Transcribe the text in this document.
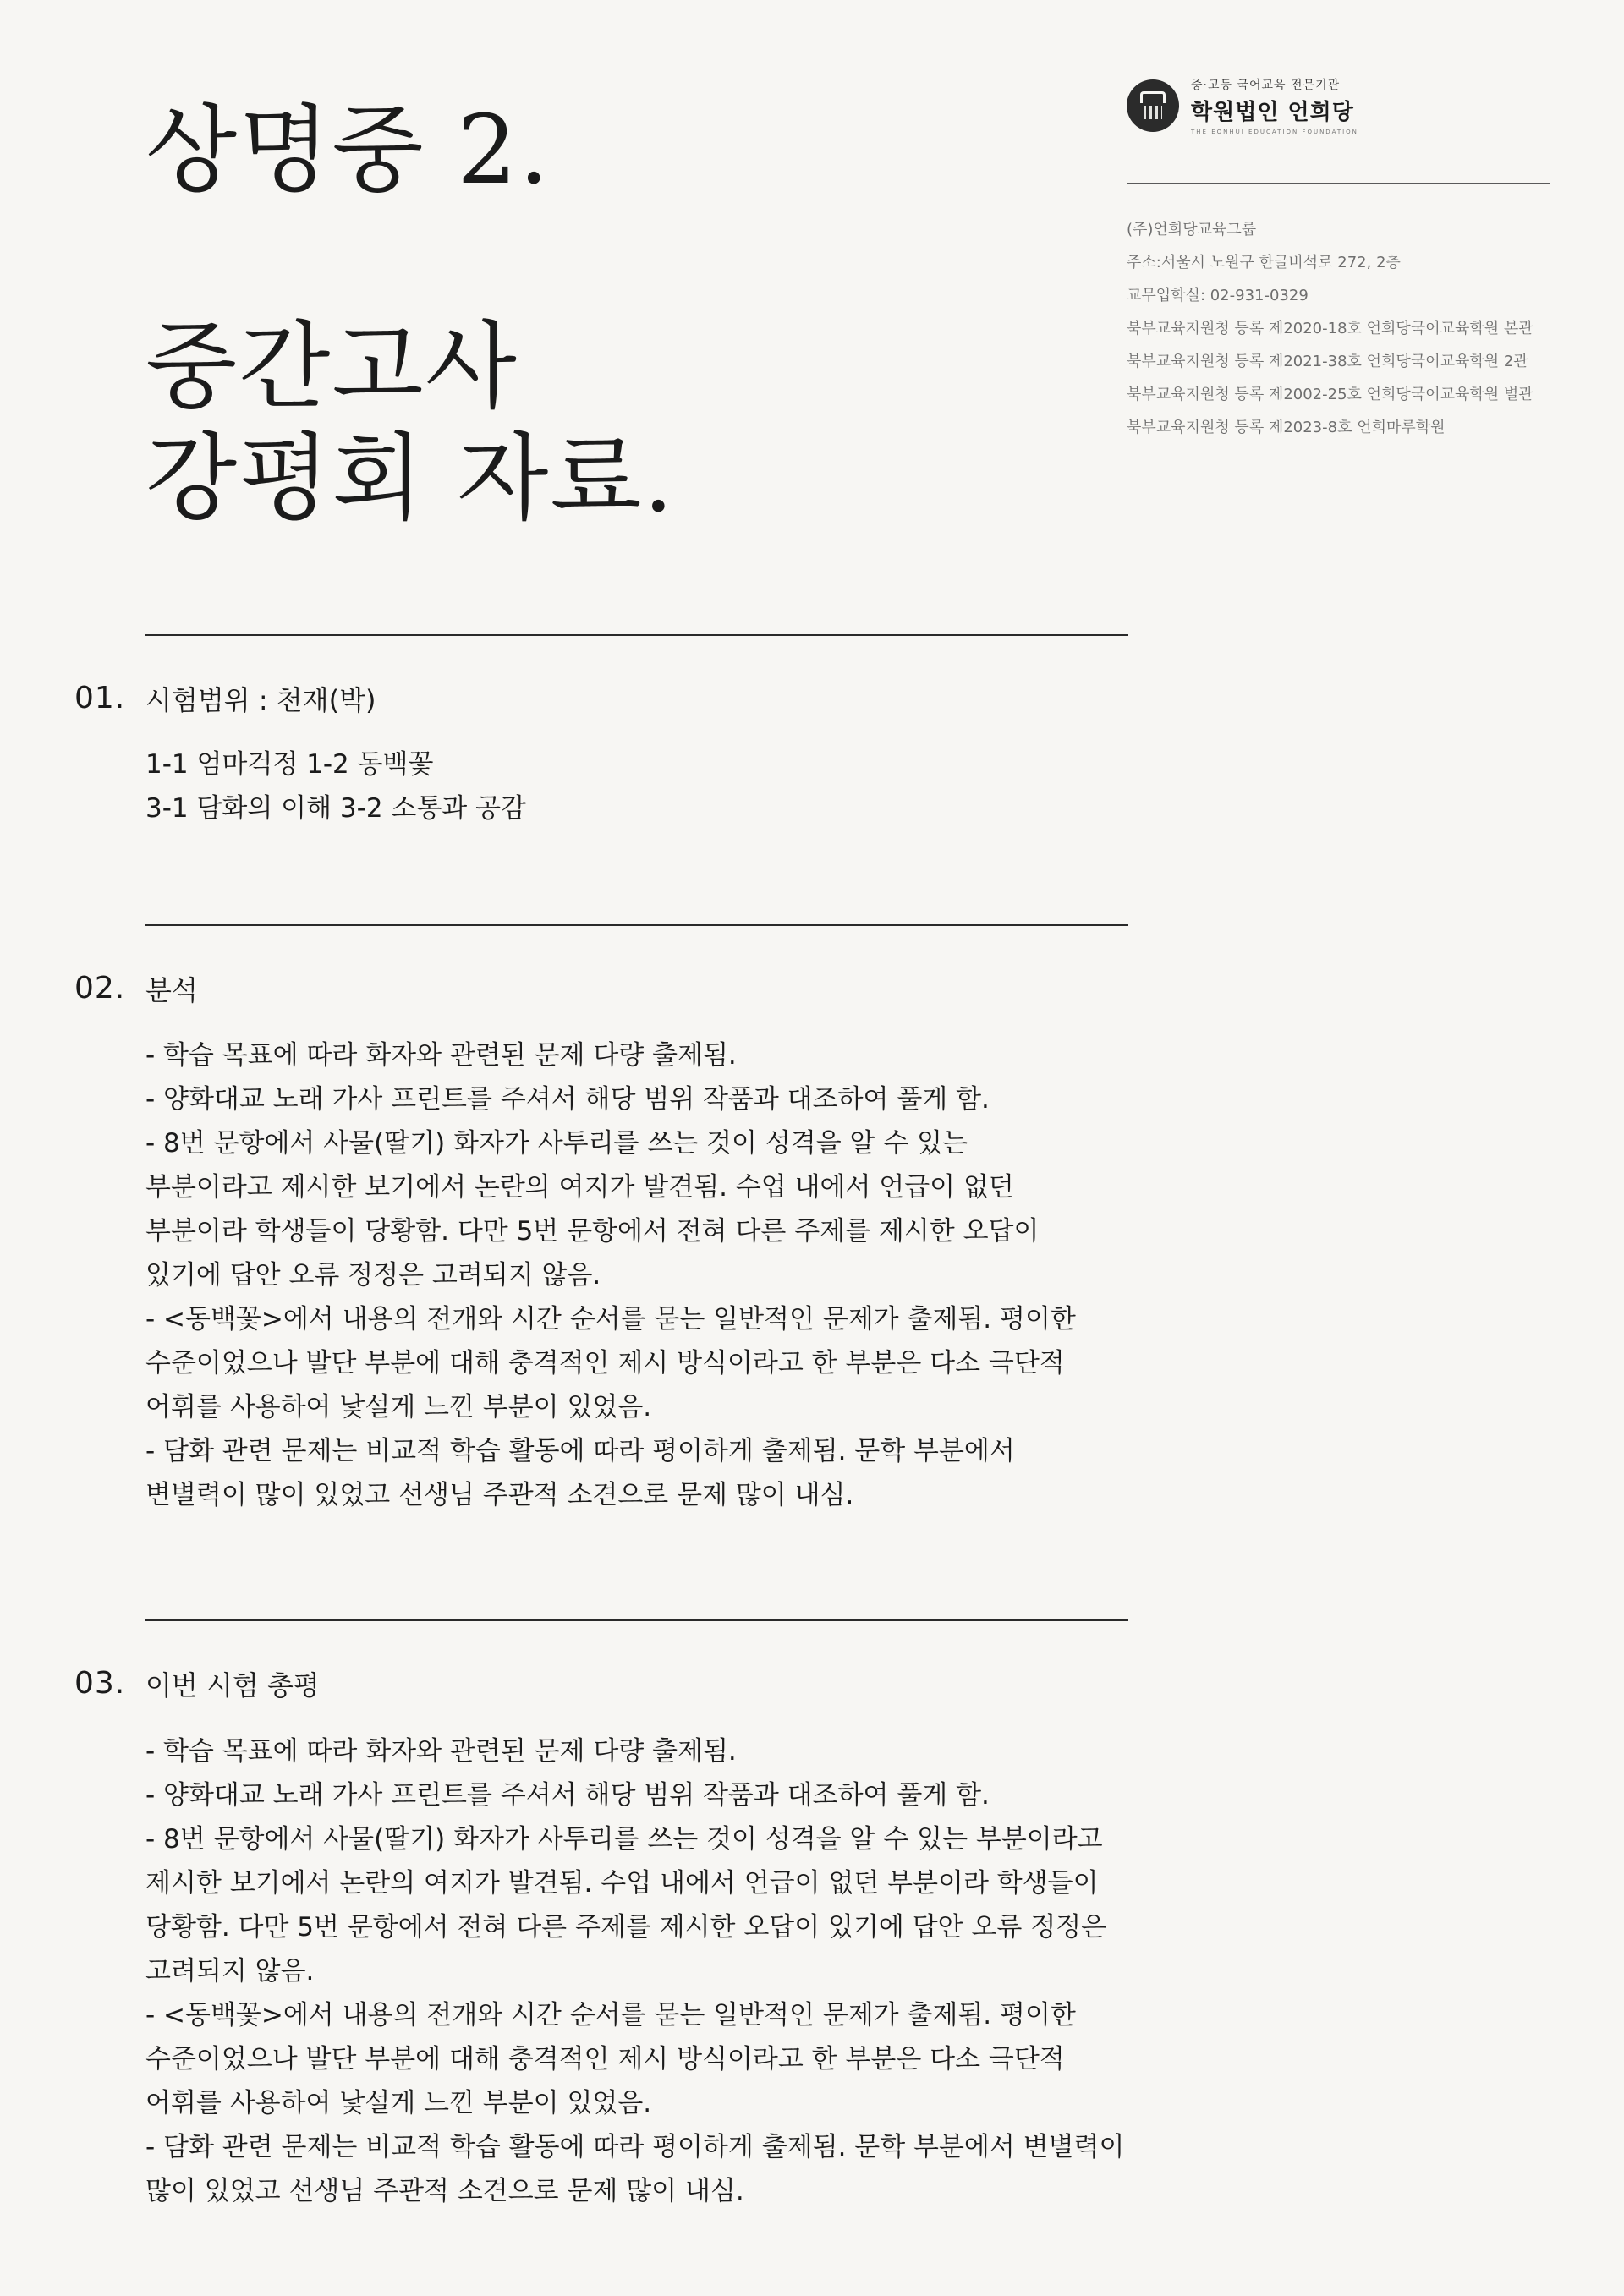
상명중 2.
중간고사
강평회 자료.
중·고등 국어교육 전문기관
학원법인 언희당
THE EONHUI EDUCATION FOUNDATION
(주)언희당교육그룹
주소:서울시 노원구 한글비석로 272, 2층
교무입학실: 02-931-0329
북부교육지원청 등록 제2020-18호 언희당국어교육학원 본관
북부교육지원청 등록 제2021-38호 언희당국어교육학원 2관
북부교육지원청 등록 제2002-25호 언희당국어교육학원 별관
북부교육지원청 등록 제2023-8호 언희마루학원
01. 시험범위 : 천재(박)
1-1 엄마걱정 1-2 동백꽃
3-1 담화의 이해 3-2 소통과 공감
02. 분석
- 학습 목표에 따라 화자와 관련된 문제 다량 출제됨.
- 양화대교 노래 가사 프린트를 주셔서 해당 범위 작품과 대조하여 풀게 함.
- 8번 문항에서 사물(딸기) 화자가 사투리를 쓰는 것이 성격을 알 수 있는
부분이라고 제시한 보기에서 논란의 여지가 발견됨. 수업 내에서 언급이 없던
부분이라 학생들이 당황함. 다만 5번 문항에서 전혀 다른 주제를 제시한 오답이
있기에 답안 오류 정정은 고려되지 않음.
- <동백꽃>에서 내용의 전개와 시간 순서를 묻는 일반적인 문제가 출제됨. 평이한
수준이었으나 발단 부분에 대해 충격적인 제시 방식이라고 한 부분은 다소 극단적
어휘를 사용하여 낯설게 느낀 부분이 있었음.
- 담화 관련 문제는 비교적 학습 활동에 따라 평이하게 출제됨. 문학 부분에서
변별력이 많이 있었고 선생님 주관적 소견으로 문제 많이 내심.
03. 이번 시험 총평
- 학습 목표에 따라 화자와 관련된 문제 다량 출제됨.
- 양화대교 노래 가사 프린트를 주셔서 해당 범위 작품과 대조하여 풀게 함.
- 8번 문항에서 사물(딸기) 화자가 사투리를 쓰는 것이 성격을 알 수 있는 부분이라고
제시한 보기에서 논란의 여지가 발견됨. 수업 내에서 언급이 없던 부분이라 학생들이
당황함. 다만 5번 문항에서 전혀 다른 주제를 제시한 오답이 있기에 답안 오류 정정은
고려되지 않음.
- <동백꽃>에서 내용의 전개와 시간 순서를 묻는 일반적인 문제가 출제됨. 평이한
수준이었으나 발단 부분에 대해 충격적인 제시 방식이라고 한 부분은 다소 극단적
어휘를 사용하여 낯설게 느낀 부분이 있었음.
- 담화 관련 문제는 비교적 학습 활동에 따라 평이하게 출제됨. 문학 부분에서 변별력이
많이 있었고 선생님 주관적 소견으로 문제 많이 내심.
